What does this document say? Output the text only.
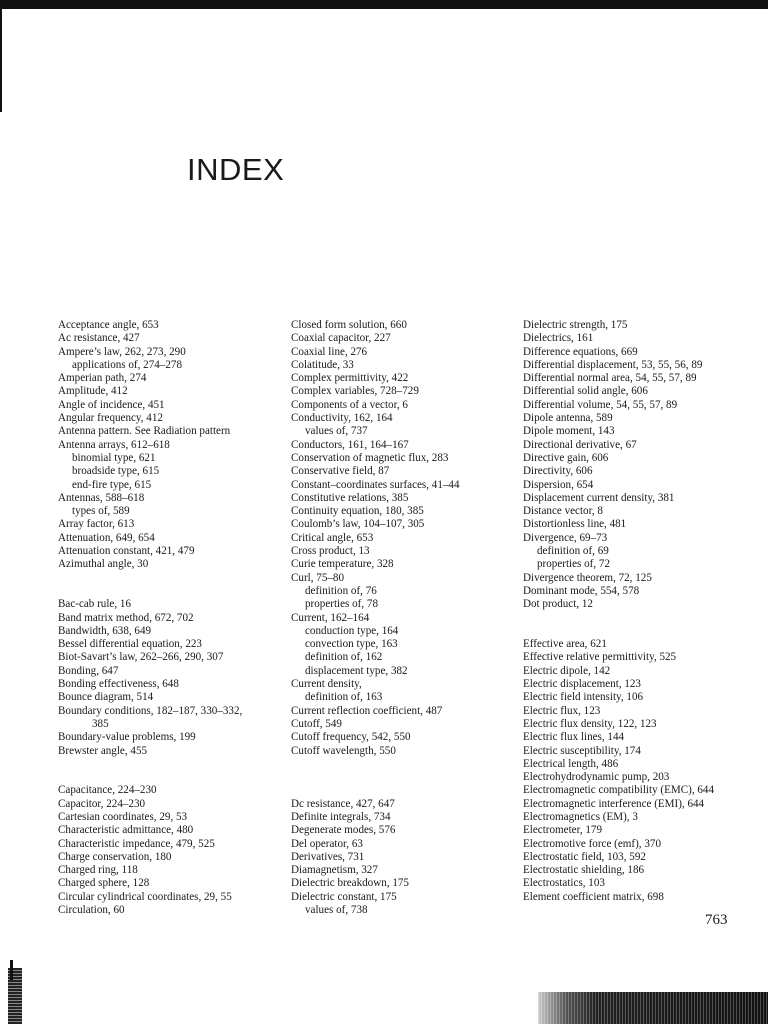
INDEX
Acceptance angle, 653
Ac resistance, 427
Ampere’s law, 262, 273, 290
applications of, 274–278
Amperian path, 274
Amplitude, 412
Angle of incidence, 451
Angular frequency, 412
Antenna pattern. See Radiation pattern
Antenna arrays, 612–618
binomial type, 621
broadside type, 615
end-fire type, 615
Antennas, 588–618
types of, 589
Array factor, 613
Attenuation, 649, 654
Attenuation constant, 421, 479
Azimuthal angle, 30
Bac-cab rule, 16
Band matrix method, 672, 702
Bandwidth, 638, 649
Bessel differential equation, 223
Biot-Savart’s law, 262–266, 290, 307
Bonding, 647
Bonding effectiveness, 648
Bounce diagram, 514
Boundary conditions, 182–187, 330–332,
385
Boundary-value problems, 199
Brewster angle, 455
Capacitance, 224–230
Capacitor, 224–230
Cartesian coordinates, 29, 53
Characteristic admittance, 480
Characteristic impedance, 479, 525
Charge conservation, 180
Charged ring, 118
Charged sphere, 128
Circular cylindrical coordinates, 29, 55
Circulation, 60
Closed form solution, 660
Coaxial capacitor, 227
Coaxial line, 276
Colatitude, 33
Complex permittivity, 422
Complex variables, 728–729
Components of a vector, 6
Conductivity, 162, 164
values of, 737
Conductors, 161, 164–167
Conservation of magnetic flux, 283
Conservative field, 87
Constant–coordinates surfaces, 41–44
Constitutive relations, 385
Continuity equation, 180, 385
Coulomb’s law, 104–107, 305
Critical angle, 653
Cross product, 13
Curie temperature, 328
Curl, 75–80
definition of, 76
properties of, 78
Current, 162–164
conduction type, 164
convection type, 163
definition of, 162
displacement type, 382
Current density,
definition of, 163
Current reflection coefficient, 487
Cutoff, 549
Cutoff frequency, 542, 550
Cutoff wavelength, 550
Dc resistance, 427, 647
Definite integrals, 734
Degenerate modes, 576
Del operator, 63
Derivatives, 731
Diamagnetism, 327
Dielectric breakdown, 175
Dielectric constant, 175
values of, 738
Dielectric strength, 175
Dielectrics, 161
Difference equations, 669
Differential displacement, 53, 55, 56, 89
Differential normal area, 54, 55, 57, 89
Differential solid angle, 606
Differential volume, 54, 55, 57, 89
Dipole antenna, 589
Dipole moment, 143
Directional derivative, 67
Directive gain, 606
Directivity, 606
Dispersion, 654
Displacement current density, 381
Distance vector, 8
Distortionless line, 481
Divergence, 69–73
definition of, 69
properties of, 72
Divergence theorem, 72, 125
Dominant mode, 554, 578
Dot product, 12
Effective area, 621
Effective relative permittivity, 525
Electric dipole, 142
Electric displacement, 123
Electric field intensity, 106
Electric flux, 123
Electric flux density, 122, 123
Electric flux lines, 144
Electric susceptibility, 174
Electrical length, 486
Electrohydrodynamic pump, 203
Electromagnetic compatibility (EMC), 644
Electromagnetic interference (EMI), 644
Electromagnetics (EM), 3
Electrometer, 179
Electromotive force (emf), 370
Electrostatic field, 103, 592
Electrostatic shielding, 186
Electrostatics, 103
Element coefficient matrix, 698
763
